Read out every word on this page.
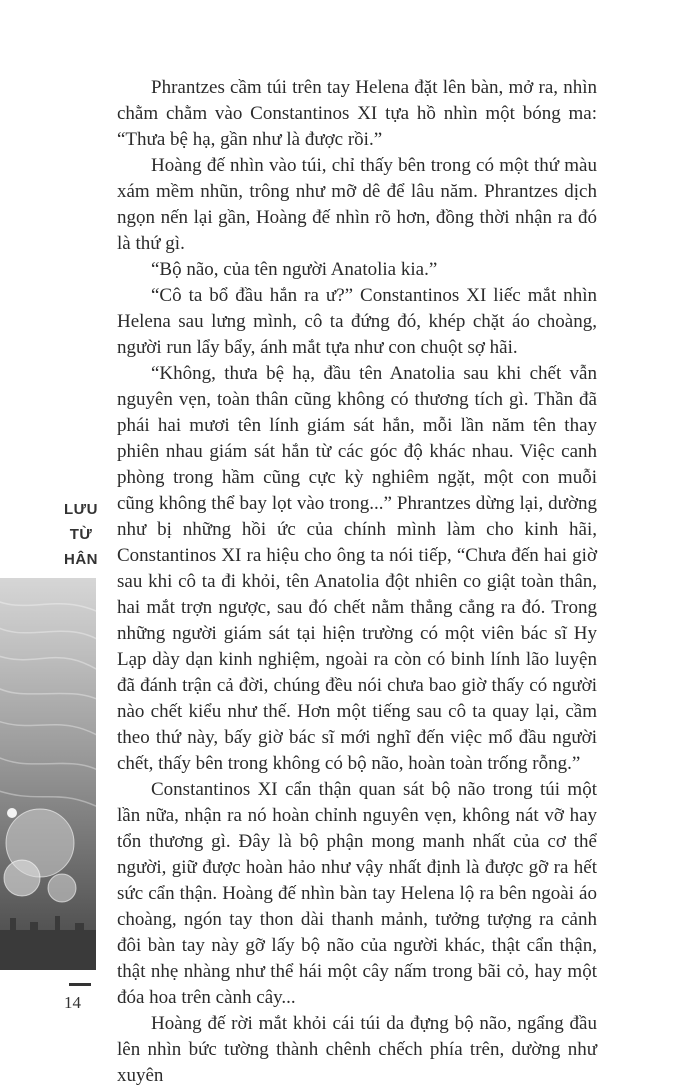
LƯU
TỪ
HÂN
14

Phrantzes cầm túi trên tay Helena đặt lên bàn, mở ra, nhìn chằm chằm vào Constantinos XI tựa hồ nhìn một bóng ma: “Thưa bệ hạ, gần như là được rồi.”

Hoàng đế nhìn vào túi, chỉ thấy bên trong có một thứ màu xám mềm nhũn, trông như mỡ dê để lâu năm. Phrantzes dịch ngọn nến lại gần, Hoàng đế nhìn rõ hơn, đồng thời nhận ra đó là thứ gì.

“Bộ não, của tên người Anatolia kia.”

“Cô ta bổ đầu hắn ra ư?” Constantinos XI liếc mắt nhìn Helena sau lưng mình, cô ta đứng đó, khép chặt áo choàng, người run lẩy bẩy, ánh mắt tựa như con chuột sợ hãi.

“Không, thưa bệ hạ, đầu tên Anatolia sau khi chết vẫn nguyên vẹn, toàn thân cũng không có thương tích gì. Thần đã phái hai mươi tên lính giám sát hắn, mỗi lần năm tên thay phiên nhau giám sát hắn từ các góc độ khác nhau. Việc canh phòng trong hầm cũng cực kỳ nghiêm ngặt, một con muỗi cũng không thể bay lọt vào trong...” Phrantzes dừng lại, dường như bị những hồi ức của chính mình làm cho kinh hãi, Constantinos XI ra hiệu cho ông ta nói tiếp, “Chưa đến hai giờ sau khi cô ta đi khỏi, tên Anatolia đột nhiên co giật toàn thân, hai mắt trợn ngược, sau đó chết nằm thẳng cẳng ra đó. Trong những người giám sát tại hiện trường có một viên bác sĩ Hy Lạp dày dạn kinh nghiệm, ngoài ra còn có binh lính lão luyện đã đánh trận cả đời, chúng đều nói chưa bao giờ thấy có người nào chết kiểu như thế. Hơn một tiếng sau cô ta quay lại, cầm theo thứ này, bấy giờ bác sĩ mới nghĩ đến việc mổ đầu người chết, thấy bên trong không có bộ não, hoàn toàn trống rỗng.”

Constantinos XI cẩn thận quan sát bộ não trong túi một lần nữa, nhận ra nó hoàn chỉnh nguyên vẹn, không nát vỡ hay tổn thương gì. Đây là bộ phận mong manh nhất của cơ thể người, giữ được hoàn hảo như vậy nhất định là được gỡ ra hết sức cẩn thận. Hoàng đế nhìn bàn tay Helena lộ ra bên ngoài áo choàng, ngón tay thon dài thanh mảnh, tưởng tượng ra cảnh đôi bàn tay này gỡ lấy bộ não của người khác, thật cẩn thận, thật nhẹ nhàng như thể hái một cây nấm trong bãi cỏ, hay một đóa hoa trên cành cây...

Hoàng đế rời mắt khỏi cái túi da đựng bộ não, ngẩng đầu lên nhìn bức tường thành chênh chếch phía trên, dường như xuyên
